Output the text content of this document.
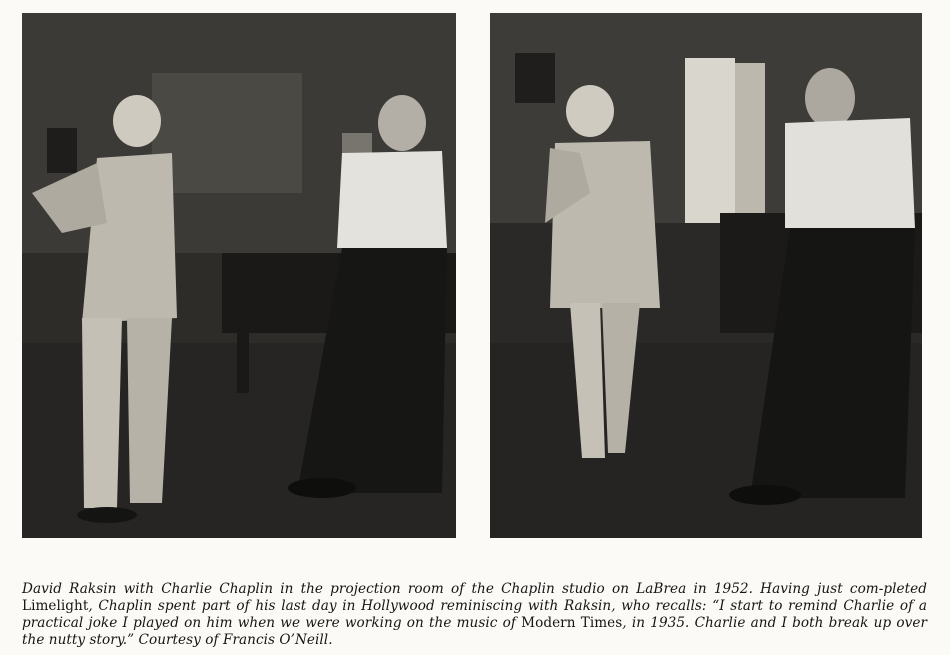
David Raksin with Charlie Chaplin in the projection room of the Chaplin studio on LaBrea in 1952. Having just com-pleted Limelight, Chaplin spent part of his last day in Hollywood reminiscing with Raksin, who recalls: “I start to remind Charlie of a practical joke I played on him when we were working on the music of Modern Times, in 1935. Charlie and I both break up over the nutty story.” Courtesy of Francis O’Neill.
